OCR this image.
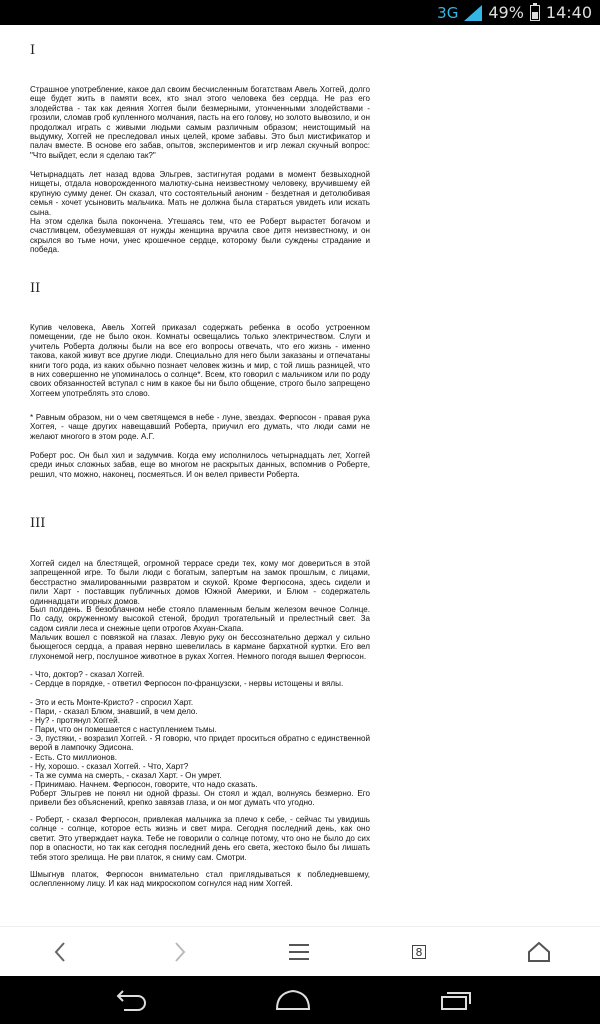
3G 49% 14:40
I

Страшное употребление, какое дал своим бесчисленным богатствам Авель Хоггей, долго еще будет жить в памяти всех, кто знал этого человека без сердца. Не раз его злодейства - так как деяния Хоггея были безмерными, утонченными злодействами - грозили, сломав гроб купленного молчания, пасть на его голову, но золото вывозило, и он продолжал играть с живыми людьми самым различным образом; неистощимый на выдумку, Хоггей не преследовал иных целей, кроме забавы. Это был мистификатор и палач вместе. В основе его забав, опытов, экспериментов и игр лежал скучный вопрос: "Что выйдет, если я сделаю так?"

Четырнадцать лет назад вдова Эльгрев, застигнутая родами в момент безвыходной нищеты, отдала новорожденного малютку-сына неизвестному человеку, вручившему ей крупную сумму денег. Он сказал, что состоятельный аноним - бездетная и детолюбивая семья - хочет усыновить мальчика. Мать не должна была стараться увидеть или искать сына.

На этом сделка была покончена. Утешаясь тем, что ее Роберт вырастет богачом и счастливцем, обезумевшая от нужды женщина вручила свое дитя неизвестному, и он скрылся во тьме ночи, унес крошечное сердце, которому были суждены страдание и победа.

II

Купив человека, Авель Хоггей приказал содержать ребенка в особо устроенном помещении, где не было окон. Комнаты освещались только электричеством. Слуги и учитель Роберта должны были на все его вопросы отвечать, что его жизнь - именно такова, какой живут все другие люди. Специально для него были заказаны и отпечатаны книги того рода, из каких обычно познает человек жизнь и мир, с той лишь разницей, что в них совершенно не упоминалось о солнце*. Всем, кто говорил с мальчиком или по роду своих обязанностей вступал с ним в какое бы ни было общение, строго было запрещено Хоггеем употреблять это слово.

* Равным образом, ни о чем светящемся в небе - луне, звездах. Фергюсон - правая рука Хоггея, - чаще других навещавший Роберта, приучил его думать, что люди сами не желают многого в этом роде. А.Г.

Роберт рос. Он был хил и задумчив. Когда ему исполнилось четырнадцать лет, Хоггей среди иных сложных забав, еще во многом не раскрытых данных, вспомнив о Роберте, решил, что можно, наконец, посмеяться. И он велел привести Роберта.

III

Хоггей сидел на блестящей, огромной террасе среди тех, кому мог довериться в этой запрещенной игре. То были люди с богатым, запертым на замок прошлым, с лицами, бесстрастно эмалированными развратом и скукой. Кроме Фергюсона, здесь сидели и пили Харт - поставщик публичных домов Южной Америки, и Блюм - содержатель одиннадцати игорных домов.

Был полдень. В безоблачном небе стояло пламенным белым железом вечное Солнце. По саду, окруженному высокой стеной, бродил трогательный и прелестный свет. За садом сияли леса и снежные цепи отрогов Ахуан-Скапа.

Мальчик вошел с повязкой на глазах. Левую руку он бессознательно держал у сильно бьющегося сердца, а правая нервно шевелилась в кармане бархатной куртки. Его вел глухонемой негр, послушное животное в руках Хоггея. Немного погодя вышел Фергюсон.

- Что, доктор? - сказал Хоггей.

- Сердце в порядке, - ответил Фергюсон по-французски, - нервы истощены и вялы.

- Это и есть Монте-Кристо? - спросил Харт.

- Пари, - сказал Блюм, знавший, в чем дело.

- Ну? - протянул Хоггей.

- Пари, что он помешается с наступлением тьмы.

- Э, пустяки, - возразил Хоггей. - Я говорю, что придет проситься обратно с единственной верой в лампочку Эдисона.

- Есть. Сто миллионов.

- Ну, хорошо. - сказал Хоггей. - Что, Харт?

- Та же сумма на смерть, - сказал Харт. - Он умрет.

- Принимаю. Начнем. Фергюсон, говорите, что надо сказать.

Роберт Эльгрев не понял ни одной фразы. Он стоял и ждал, волнуясь безмерно. Его привели без объяснений, крепко завязав глаза, и он мог думать что угодно.

- Роберт, - сказал Фергюсон, привлекая мальчика за плечо к себе, - сейчас ты увидишь солнце - солнце, которое есть жизнь и свет мира. Сегодня последний день, как оно светит. Это утверждает наука. Тебе не говорили о солнце потому, что оно не было до сих пор в опасности, но так как сегодня последний день его света, жестоко было бы лишать тебя этого зрелища. Не рви платок, я сниму сам. Смотри.

Шмыгнув платок, Фергюсон внимательно стал приглядываться к побледневшему, ослепленному лицу. И как над микроскопом согнулся над ним Хоггей.

8
